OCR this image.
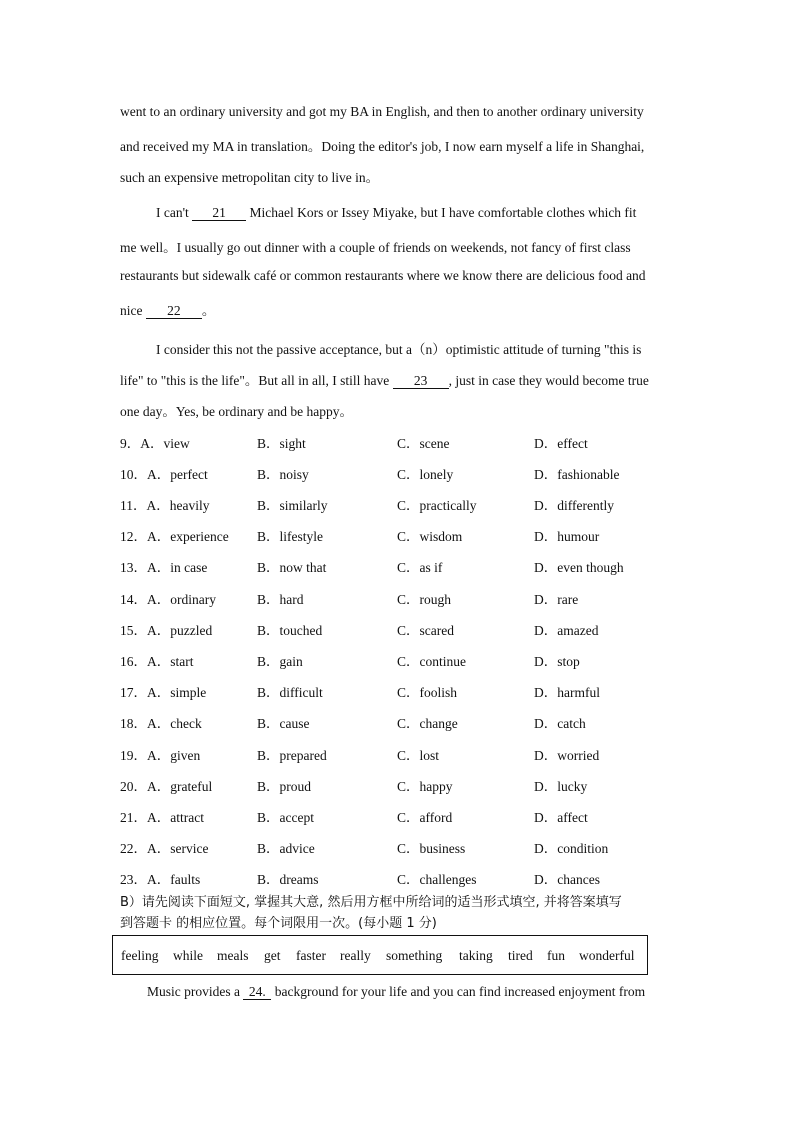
went to an ordinary university and got my BA in English, and then to another ordinary university
and received my MA in translation。Doing the editor's job, I now earn myself a life in Shanghai,
such an expensive metropolitan city to live in。
I can't 21 Michael Kors or Issey Miyake, but I have comfortable clothes which fit
me well。I usually go out dinner with a couple of friends on weekends, not fancy of first class
restaurants but sidewalk café or common restaurants where we know there are delicious food and
nice 22 。
I consider this not the passive acceptance, but a（n）optimistic attitude of turning "this is
life" to "this is the life"。But all in all, I still have 23 , just in case they would become true
one day。Yes, be ordinary and be happy。
9．A．view	B．sight	C．scene	D．effect
10．A．perfect	B．noisy	C．lonely	D．fashionable
11．A．heavily	B．similarly	C．practically	D．differently
12．A．experience B．lifestyle	C．wisdom	D．humour
13．A．in case	B．now that	C．as if	D．even though
14．A．ordinary	B．hard	C．rough	D．rare
15．A．puzzled	B．touched	C．scared	D．amazed
16．A．start	B．gain	C．continue	D．stop
17．A．simple	B．difficult	C．foolish	D．harmful
18．A．check	B．cause	C．change	D．catch
19．A．given	B．prepared	C．lost	D．worried
20．A．grateful	B．proud	C．happy	D．lucky
21．A．attract	B．accept	C．afford	D．affect
22．A．service	B．advice	C．business	D．condition
23．A．faults	B．dreams	C．challenges	D．chances
B）请先阅读下面短文, 掌握其大意, 然后用方框中所给词的适当形式填空, 并将答案填写
到答题卡 的相应位置。每个词限用一次。(每小题 1 分)
feeling while meals get faster really something taking tired fun wonderful
Music provides a 24. background for your life and you can find increased enjoyment from
